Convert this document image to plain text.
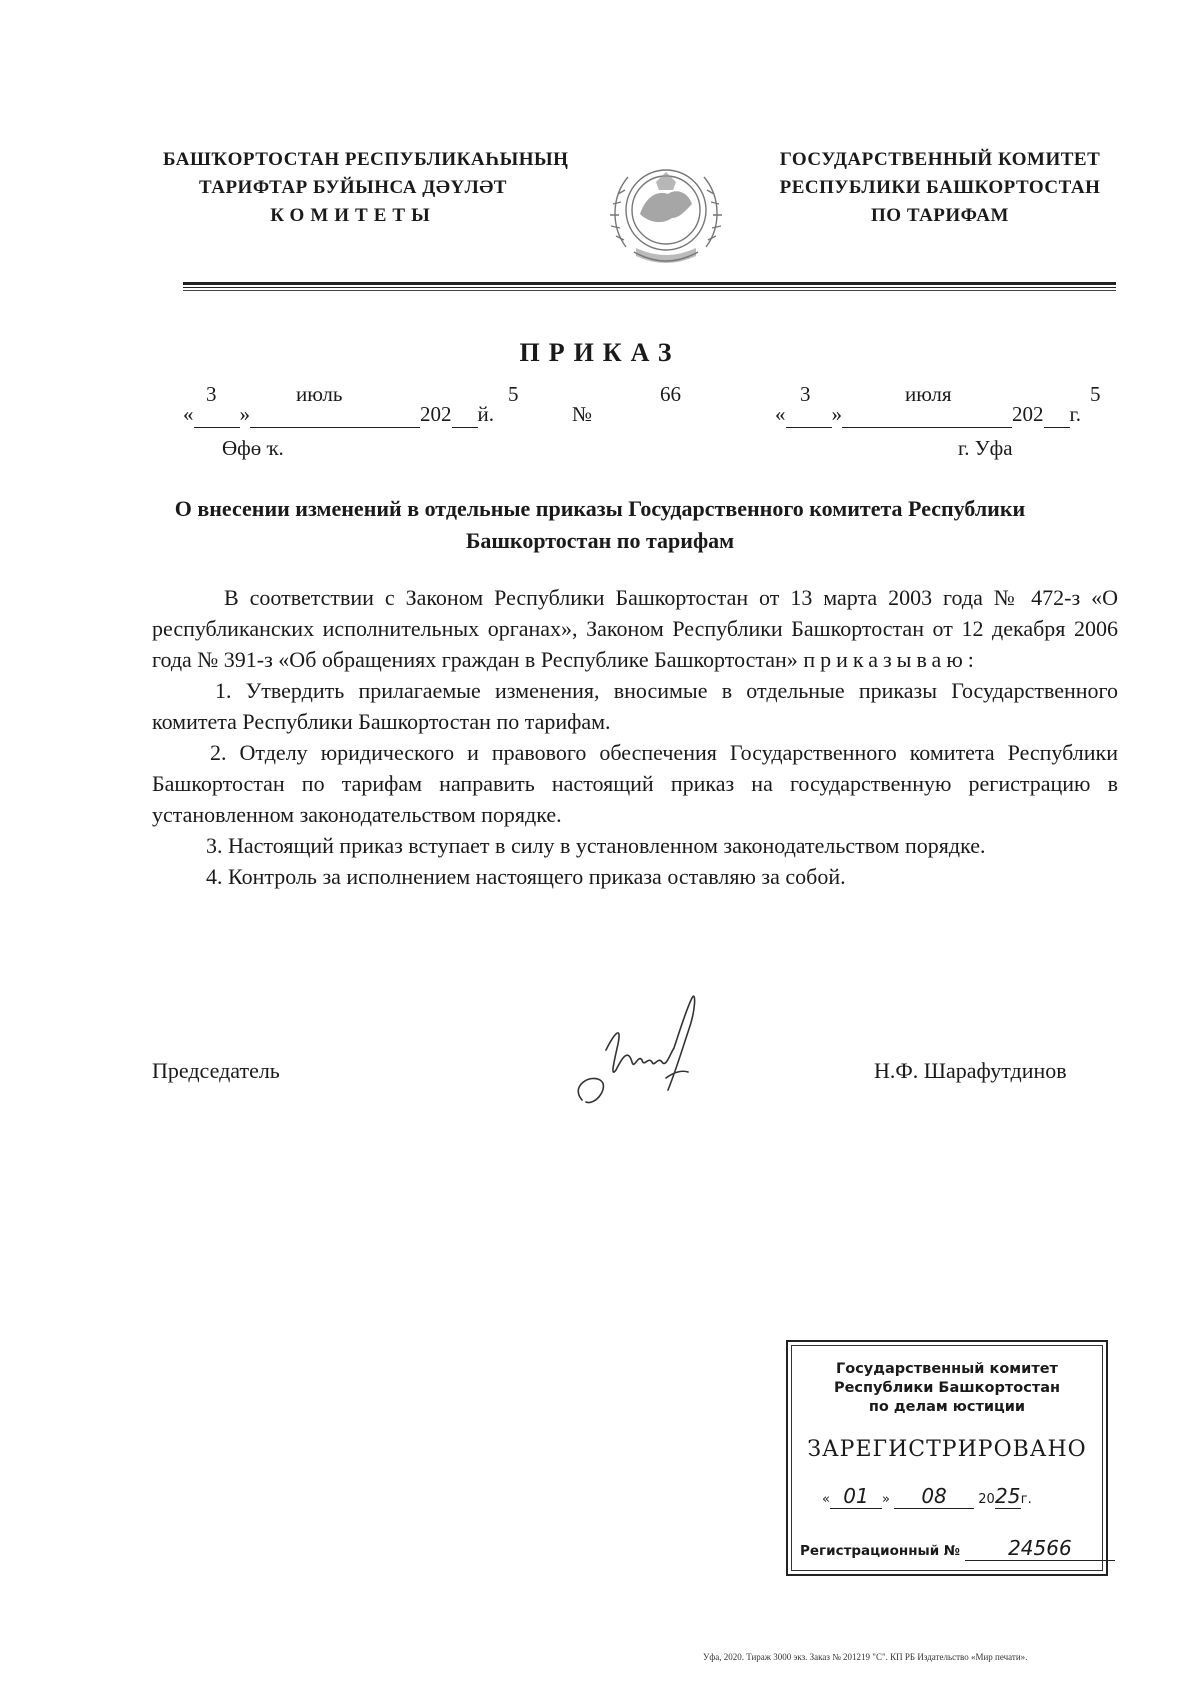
БАШҠОРТОСТАН РЕСПУБЛИКАҺЫНЫҢ
ТАРИФТАР БУЙЫНСА ДӘҮЛӘТ
КОМИТЕТЫ
ГОСУДАРСТВЕННЫЙ КОМИТЕТ
РЕСПУБЛИКИ БАШКОРТОСТАН
ПО ТАРИФАМ
ПРИКАЗ
3	июль	5	66	3	июля	5
« »	202 й.	№	« »	202 г.
Өфө ҡ.	г. Уфа
О внесении изменений в отдельные приказы Государственного комитета Республики Башкортостан по тарифам

В соответствии с Законом Республики Башкортостан от 13 марта 2003 года № 472-з «О республиканских исполнительных органах», Законом Республики Башкортостан от 12 декабря 2006 года № 391-з «Об обращениях граждан в Республике Башкортостан» приказываю:

1. Утвердить прилагаемые изменения, вносимые в отдельные приказы Государственного комитета Республики Башкортостан по тарифам.

2. Отделу юридического и правового обеспечения Государственного комитета Республики Башкортостан по тарифам направить настоящий приказ на государственную регистрацию в установленном законодательством порядке.

3. Настоящий приказ вступает в силу в установленном законодательством порядке.

4. Контроль за исполнением настоящего приказа оставляю за собой.

Председатель	Н.Ф. Шарафутдинов
Государственный комитет
Республики Башкортостан
по делам юстиции
ЗАРЕГИСТРИРОВАНО
« 01 » 08 2025г.
Регистрационный № 24566
Уфа, 2020. Тираж 3000 экз. Заказ № 201219 "С". КП РБ Издательство «Мир печати».
